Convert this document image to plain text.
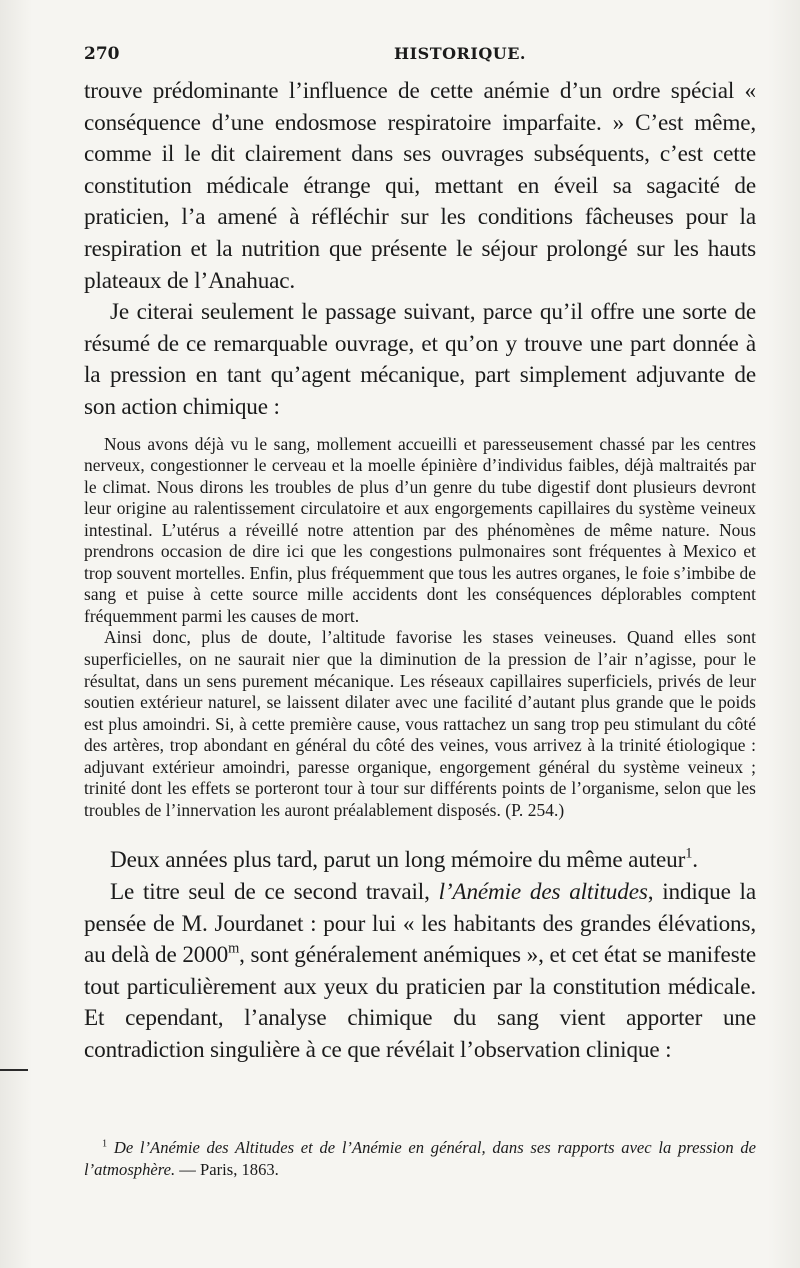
270	HISTORIQUE.

trouve prédominante l’influence de cette anémie d’un ordre spécial « conséquence d’une endosmose respiratoire imparfaite. » C’est même, comme il le dit clairement dans ses ouvrages subséquents, c’est cette constitution médicale étrange qui, mettant en éveil sa sagacité de praticien, l’a amené à réfléchir sur les conditions fâcheuses pour la respiration et la nutrition que présente le séjour prolongé sur les hauts plateaux de l’Anahuac.

Je citerai seulement le passage suivant, parce qu’il offre une sorte de résumé de ce remarquable ouvrage, et qu’on y trouve une part donnée à la pression en tant qu’agent mécanique, part simplement adjuvante de son action chimique :

Nous avons déjà vu le sang, mollement accueilli et paresseusement chassé par les centres nerveux, congestionner le cerveau et la moelle épinière d’individus faibles, déjà maltraités par le climat. Nous dirons les troubles de plus d’un genre du tube digestif dont plusieurs devront leur origine au ralentissement circulatoire et aux engorgements capillaires du système veineux intestinal. L’utérus a réveillé notre attention par des phénomènes de même nature. Nous prendrons occasion de dire ici que les congestions pulmonaires sont fréquentes à Mexico et trop souvent mortelles. Enfin, plus fréquemment que tous les autres organes, le foie s’imbibe de sang et puise à cette source mille accidents dont les conséquences déplorables comptent fréquemment parmi les causes de mort.

Ainsi donc, plus de doute, l’altitude favorise les stases veineuses. Quand elles sont superficielles, on ne saurait nier que la diminution de la pression de l’air n’agisse, pour le résultat, dans un sens purement mécanique. Les réseaux capillaires superficiels, privés de leur soutien extérieur naturel, se laissent dilater avec une facilité d’autant plus grande que le poids est plus amoindri. Si, à cette première cause, vous rattachez un sang trop peu stimulant du côté des artères, trop abondant en général du côté des veines, vous arrivez à la trinité étiologique : adjuvant extérieur amoindri, paresse organique, engorgement général du système veineux ; trinité dont les effets se porteront tour à tour sur différents points de l’organisme, selon que les troubles de l’innervation les auront préalablement disposés. (P. 254.)

Deux années plus tard, parut un long mémoire du même auteur$^1$.

Le titre seul de ce second travail, l’Anémie des altitudes, indique la pensée de M. Jourdanet : pour lui « les habitants des grandes élévations, au delà de 2000$^m$, sont généralement anémiques », et cet état se manifeste tout particulièrement aux yeux du praticien par la constitution médicale. Et cependant, l’analyse chimique du sang vient apporter une contradiction singulière à ce que révélait l’observation clinique :

$^1$ De l’Anémie des Altitudes et de l’Anémie en général, dans ses rapports avec la pression de l’atmosphère. — Paris, 1863.
